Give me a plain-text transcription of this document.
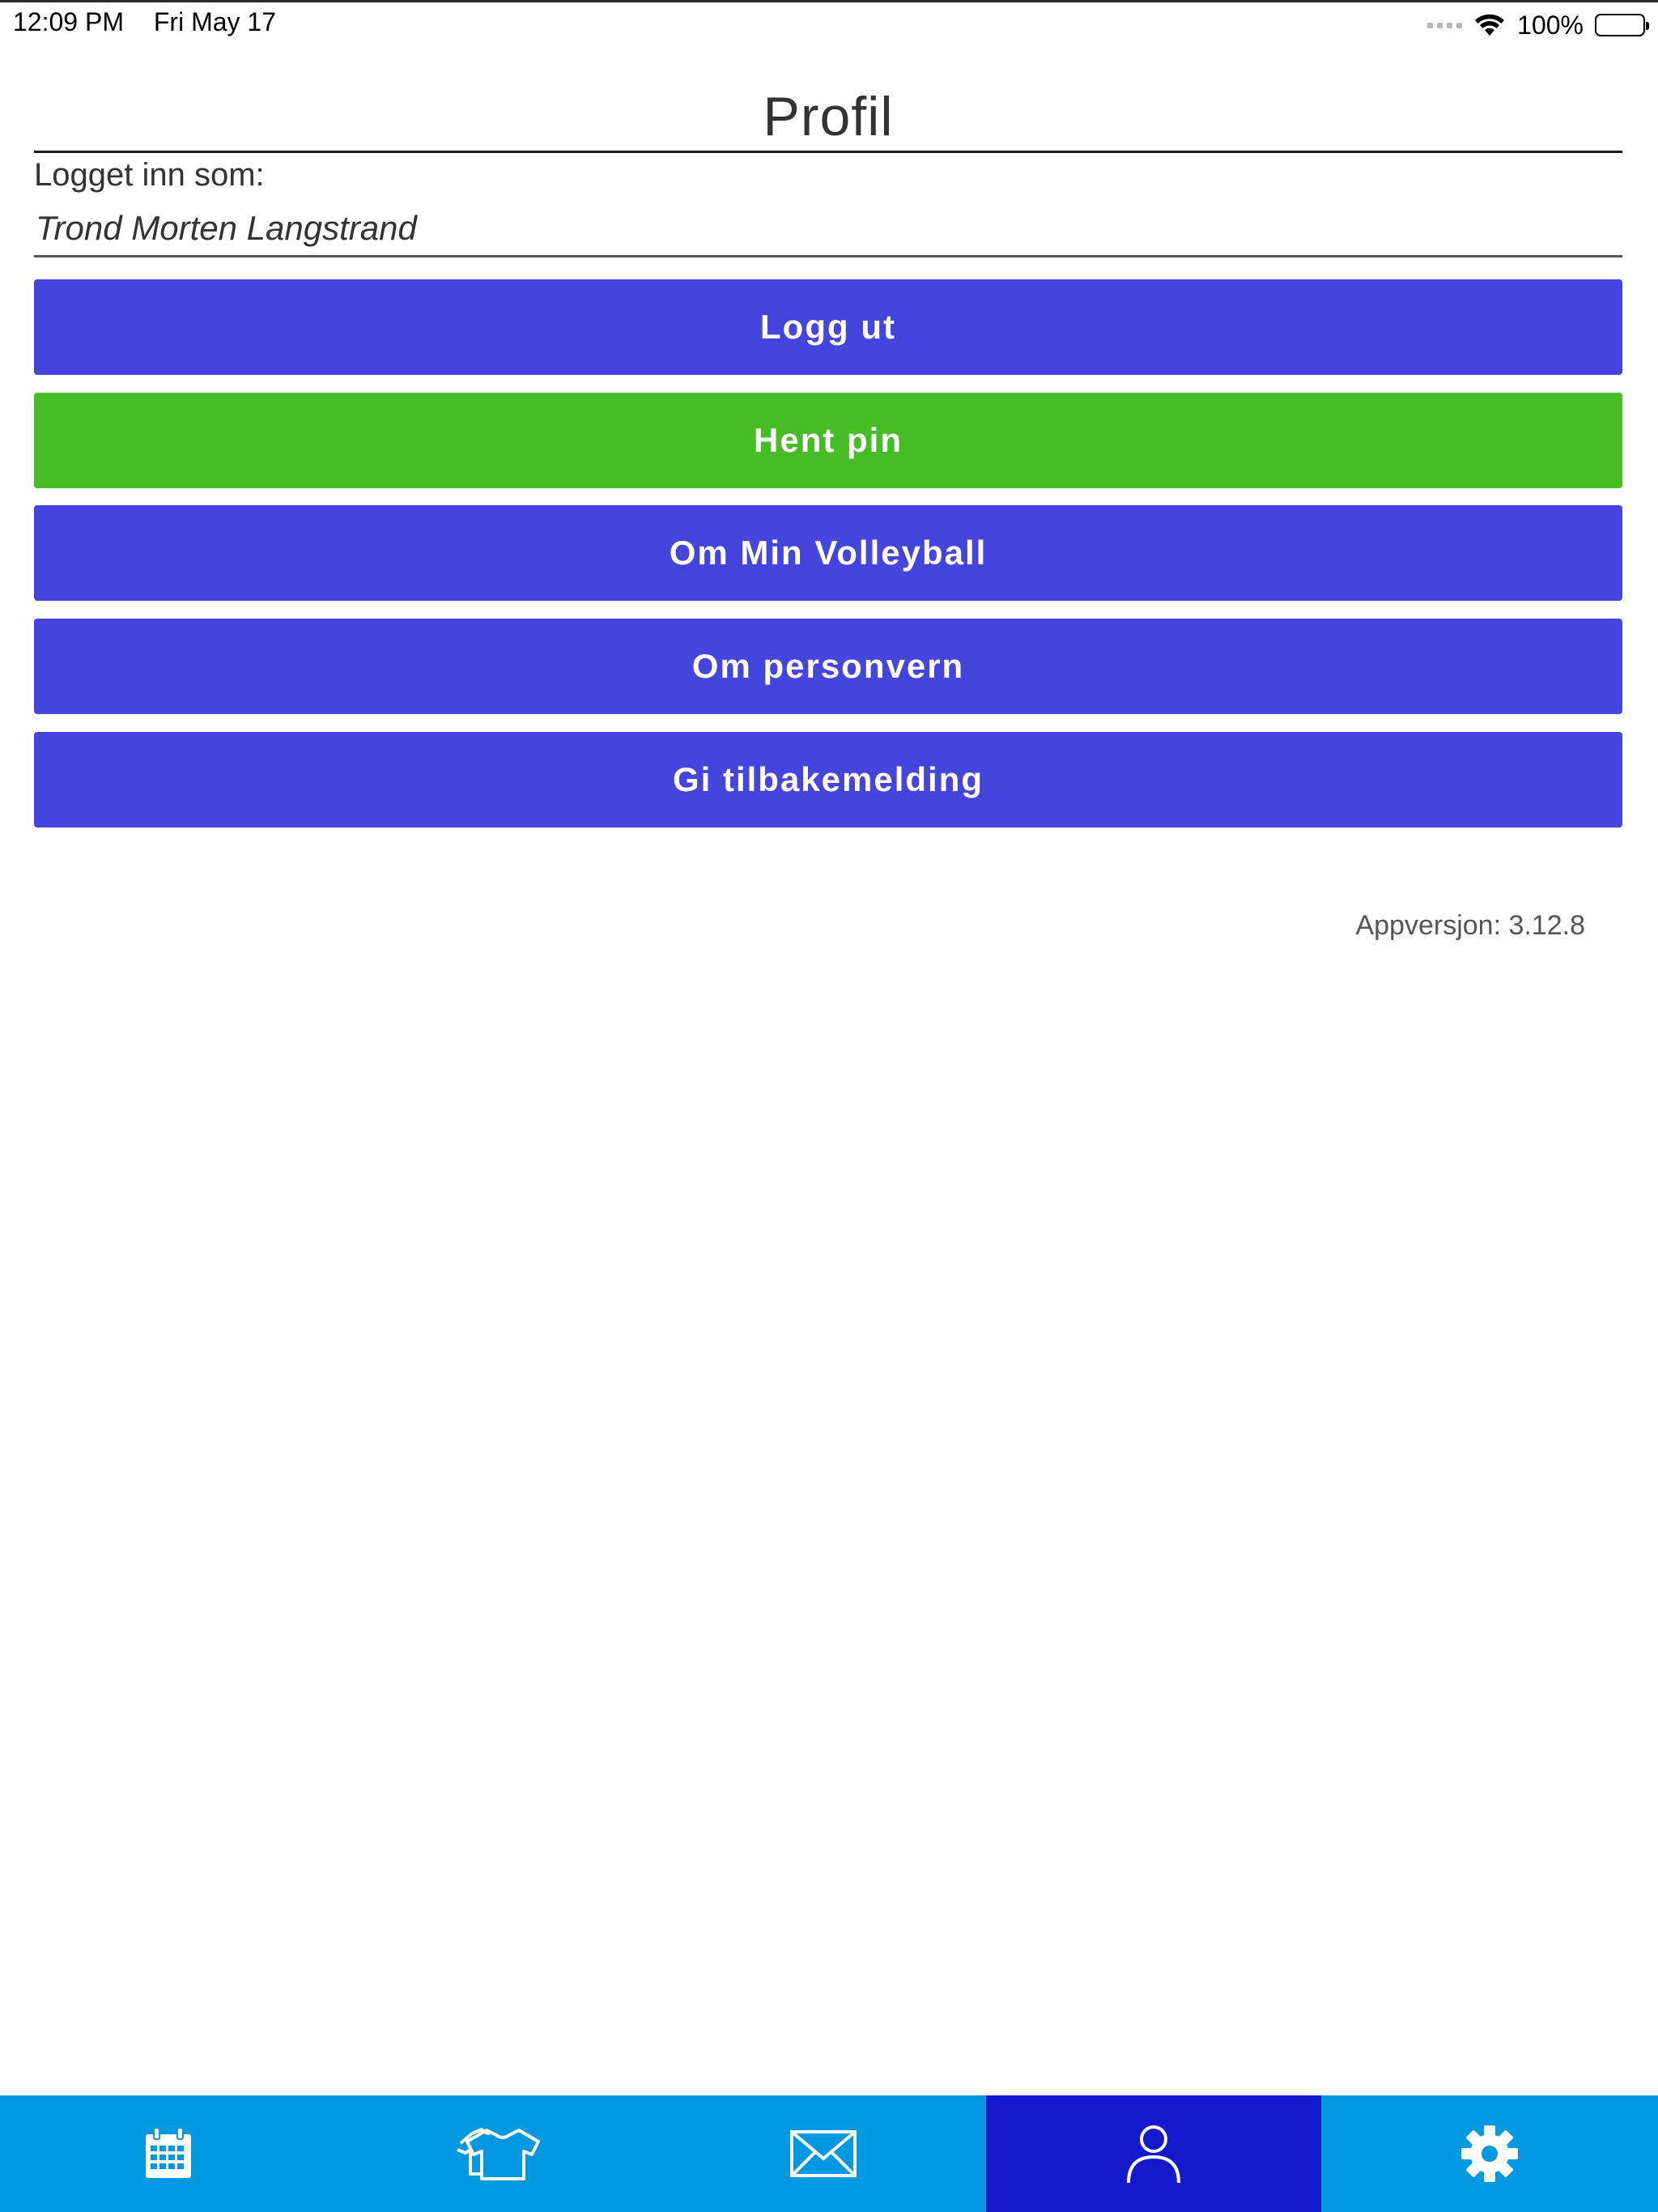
12:09 PM Fri May 17	100%
Profil
Logget inn som:
Trond Morten Langstrand
Logg ut
Hent pin
Om Min Volleyball
Om personvern
Gi tilbakemelding
Appversjon: 3.12.8
